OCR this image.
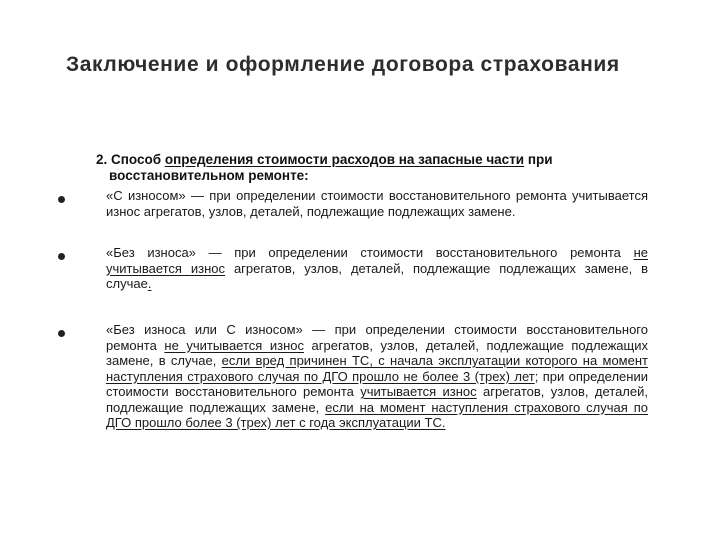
Заключение и оформление договора страхования
2. Способ определения стоимости расходов на запасные части при
восстановительном ремонте:
«С износом» — при определении стоимости восстановительного ремонта учитывается износ агрегатов, узлов, деталей, подлежащие подлежащих замене.
«Без износа» — при определении стоимости восстановительного ремонта не учитывается износ агрегатов, узлов, деталей, подлежащие подлежащих замене, в случае.
«Без износа или С износом» — при определении стоимости восстановительного ремонта не учитывается износ агрегатов, узлов, деталей, подлежащие подлежащих замене, в случае, если вред причинен ТС, с начала эксплуатации которого на момент наступления страхового случая по ДГО прошло не более 3 (трех) лет; при определении стоимости восстановительного ремонта учитывается износ агрегатов, узлов, деталей, подлежащие подлежащих замене, если на момент наступления страхового случая по ДГО прошло более 3 (трех) лет с года эксплуатации ТС.
